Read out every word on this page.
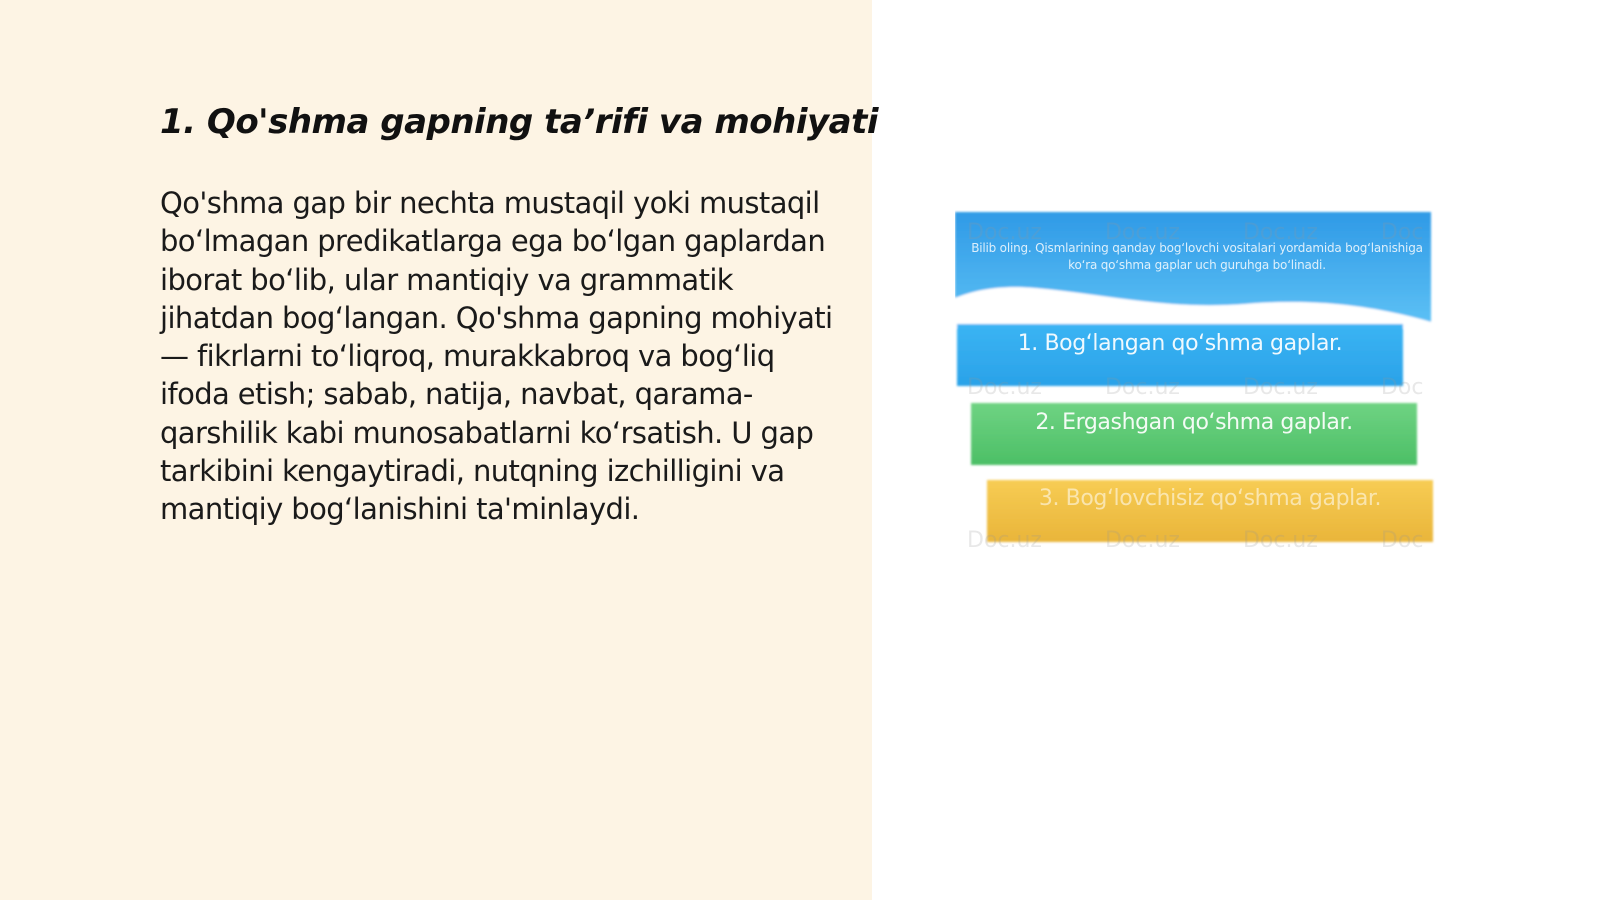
1. Qo'shma gapning ta’rifi va mohiyati

Qo'shma gap bir nechta mustaqil yoki mustaqil bo‘lmagan predikatlarga ega bo‘lgan gaplardan iborat bo‘lib, ular mantiqiy va grammatik jihatdan bog‘langan. Qo'shma gapning mohiyati — fikrlarni to‘liqroq, murakkabroq va bog‘liq ifoda etish; sabab, natija, navbat, qarama-qarshilik kabi munosabatlarni ko‘rsatish. U gap tarkibini kengaytiradi, nutqning izchilligini va mantiqiy bog‘lanishini ta'minlaydi.

Doc.uz Doc.uz Doc.uz Doc
Bilib oling. Qismlarining qanday bog‘lovchi vositalari yordamida bog‘lanishiga ko‘ra qo‘shma gaplar uch guruhga bo‘linadi.
1. Bog‘langan qo‘shma gaplar.
Doc.uz Doc.uz Doc.uz Doc
2. Ergashgan qo‘shma gaplar.
3. Bog‘lovchisiz qo‘shma gaplar.
Doc.uz Doc.uz Doc.uz Doc
